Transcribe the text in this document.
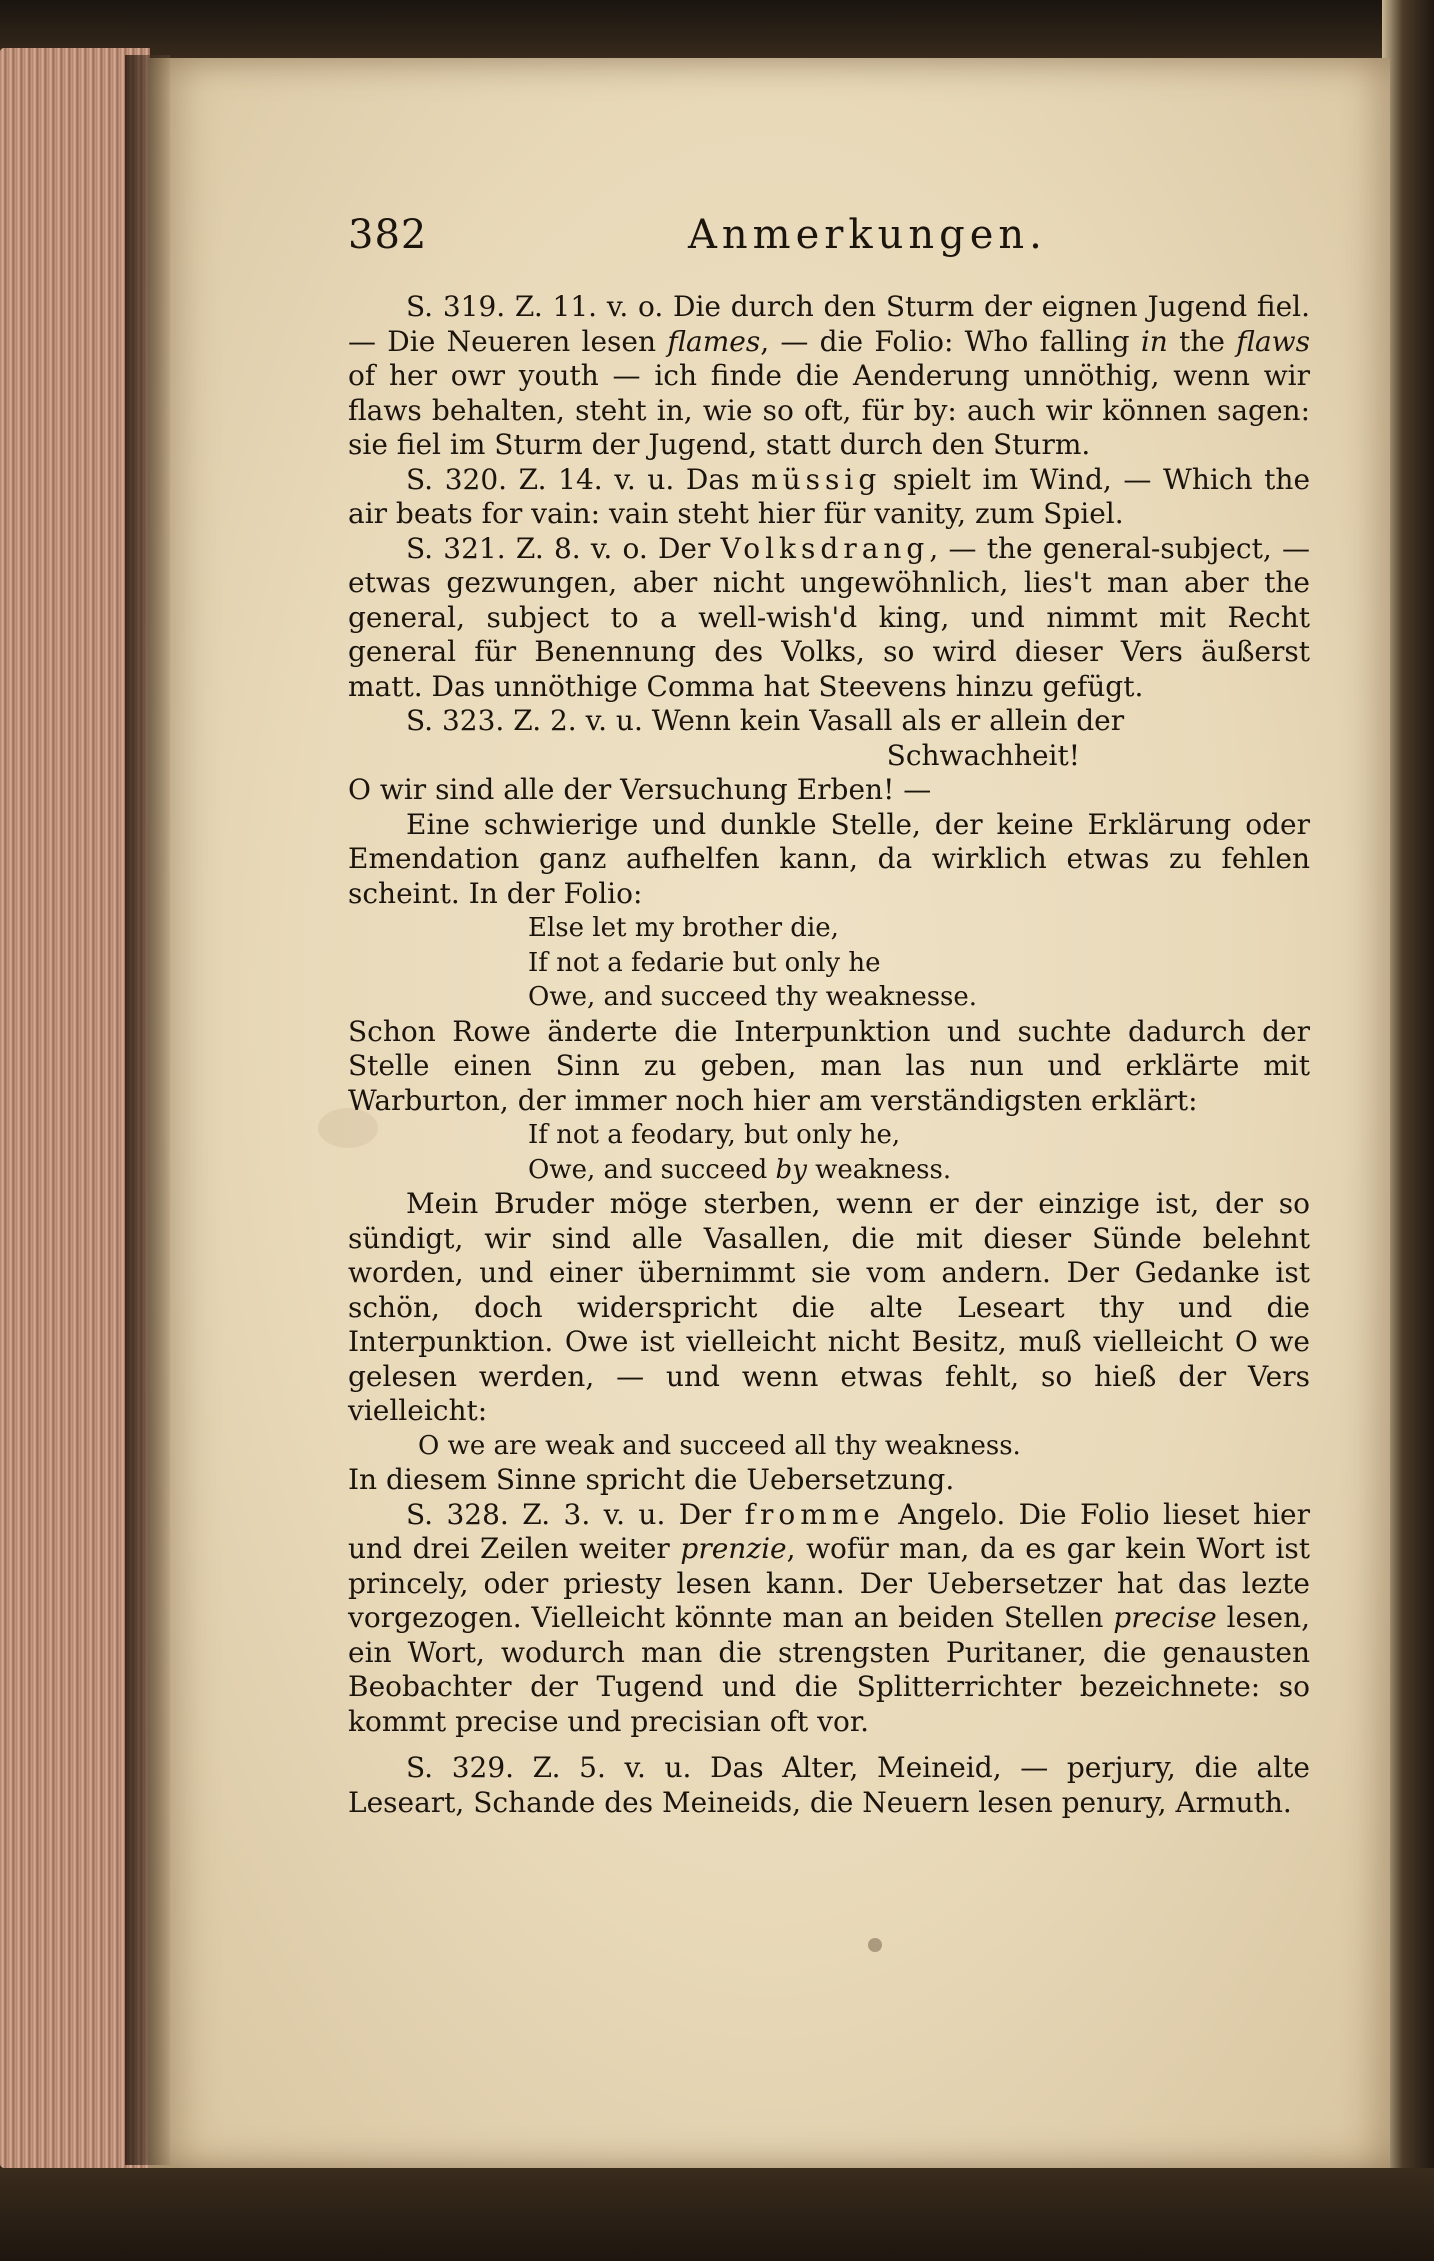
382	Anmerkungen.

S. 319. Z. 11. v. o. Die durch den Sturm der eignen Jugend fiel. — Die Neueren lesen flames, — die Folio: Who falling in the flaws of her owr youth — ich finde die Aenderung unnöthig, wenn wir flaws behalten, steht in, wie so oft, für by: auch wir können sagen: sie fiel im Sturm der Jugend, statt durch den Sturm.

S. 320. Z. 14. v. u. Das müssig spielt im Wind, — Which the air beats for vain: vain steht hier für vanity, zum Spiel.

S. 321. Z. 8. v. o. Der Volksdrang, — the general-subject, — etwas gezwungen, aber nicht ungewöhnlich, lies't man aber the general, subject to a well-wish'd king, und nimmt mit Recht general für Benennung des Volks, so wird dieser Vers äußerst matt. Das unnöthige Comma hat Steevens hinzu gefügt.

S. 323. Z. 2. v. u. Wenn kein Vasall als er allein der

Schwachheit!

O wir sind alle der Versuchung Erben! —

Eine schwierige und dunkle Stelle, der keine Erklärung oder Emendation ganz aufhelfen kann, da wirklich etwas zu fehlen scheint. In der Folio:

Else let my brother die,

If not a fedarie but only he

Owe, and succeed thy weaknesse.

Schon Rowe änderte die Interpunktion und suchte dadurch der Stelle einen Sinn zu geben, man las nun und erklärte mit Warburton, der immer noch hier am verständigsten erklärt:

If not a feodary, but only he,

Owe, and succeed by weakness.

Mein Bruder möge sterben, wenn er der einzige ist, der so sündigt, wir sind alle Vasallen, die mit dieser Sünde belehnt worden, und einer übernimmt sie vom andern. Der Gedanke ist schön, doch widerspricht die alte Leseart thy und die Interpunktion. Owe ist vielleicht nicht Besitz, muß vielleicht O we gelesen werden, — und wenn etwas fehlt, so hieß der Vers vielleicht:

O we are weak and succeed all thy weakness.

In diesem Sinne spricht die Uebersetzung.

S. 328. Z. 3. v. u. Der fromme Angelo. Die Folio lieset hier und drei Zeilen weiter prenzie, wofür man, da es gar kein Wort ist princely, oder priesty lesen kann. Der Uebersetzer hat das lezte vorgezogen. Vielleicht könnte man an beiden Stellen precise lesen, ein Wort, wodurch man die strengsten Puritaner, die genausten Beobachter der Tugend und die Splitterrichter bezeichnete: so kommt precise und precisian oft vor.

S. 329. Z. 5. v. u. Das Alter, Meineid, — perjury, die alte Leseart, Schande des Meineids, die Neuern lesen penury, Armuth.
